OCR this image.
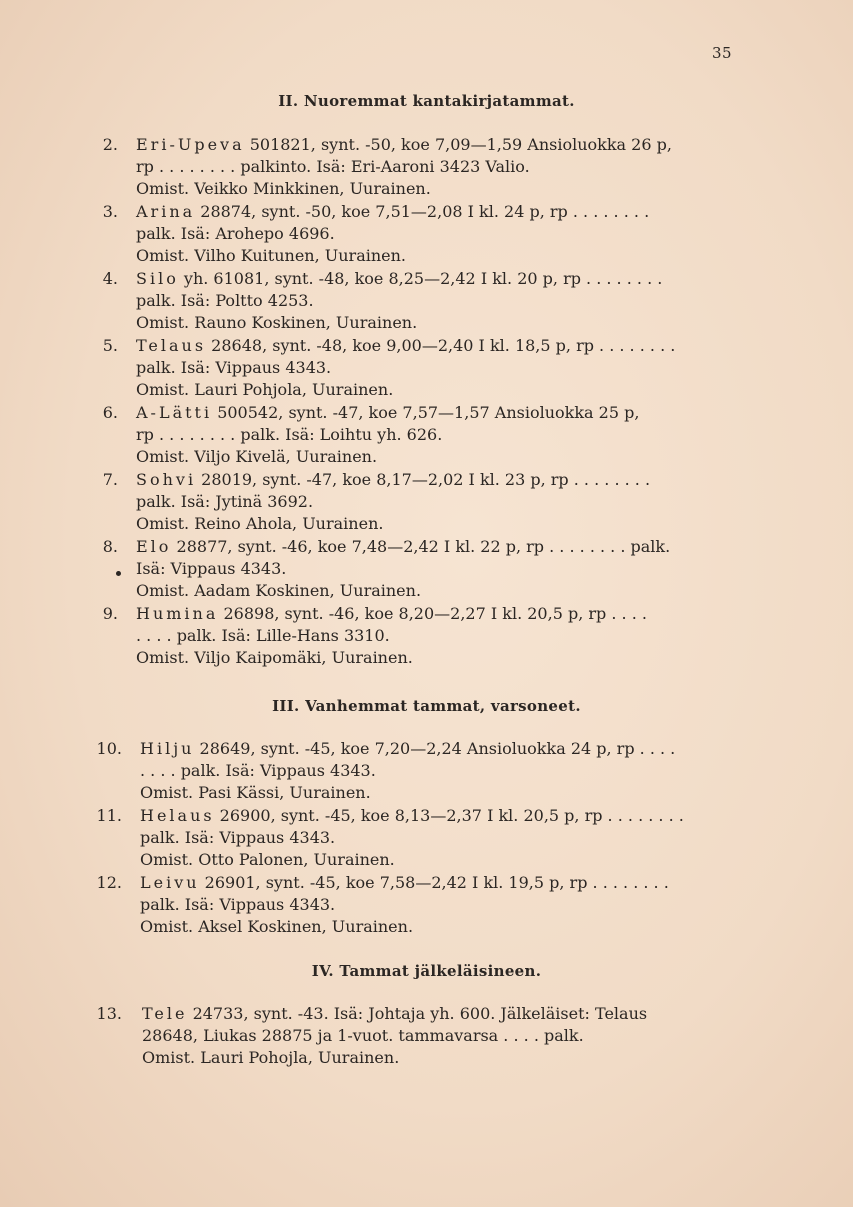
35
II. Nuoremmat kantakirjatammat.
2. Eri-Upeva 501821, synt. -50, koe 7,09—1,59 Ansioluokka 26 p,
rp . . . . . . . . palkinto. Isä: Eri-Aaroni 3423 Valio.
Omist. Veikko Minkkinen, Uurainen.
3. Arina 28874, synt. -50, koe 7,51—2,08 I kl. 24 p, rp . . . . . . . .
palk. Isä: Arohepo 4696.
Omist. Vilho Kuitunen, Uurainen.
4. Silo yh. 61081, synt. -48, koe 8,25—2,42 I kl. 20 p, rp . . . . . . . .
palk. Isä: Poltto 4253.
Omist. Rauno Koskinen, Uurainen.
5. Telaus 28648, synt. -48, koe 9,00—2,40 I kl. 18,5 p, rp . . . . . . . .
palk. Isä: Vippaus 4343.
Omist. Lauri Pohjola, Uurainen.
6. A-Lätti 500542, synt. -47, koe 7,57—1,57 Ansioluokka 25 p,
rp . . . . . . . . palk. Isä: Loihtu yh. 626.
Omist. Viljo Kivelä, Uurainen.
7. Sohvi 28019, synt. -47, koe 8,17—2,02 I kl. 23 p, rp . . . . . . . .
palk. Isä: Jytinä 3692.
Omist. Reino Ahola, Uurainen.
8. Elo 28877, synt. -46, koe 7,48—2,42 I kl. 22 p, rp . . . . . . . . palk.
Isä: Vippaus 4343.
Omist. Aadam Koskinen, Uurainen.
9. Humina 26898, synt. -46, koe 8,20—2,27 I kl. 20,5 p, rp . . . .
. . . . palk. Isä: Lille-Hans 3310.
Omist. Viljo Kaipomäki, Uurainen.
III. Vanhemmat tammat, varsoneet.
10. Hilju 28649, synt. -45, koe 7,20—2,24 Ansioluokka 24 p, rp . . . .
. . . . palk. Isä: Vippaus 4343.
Omist. Pasi Kässi, Uurainen.
11. Helaus 26900, synt. -45, koe 8,13—2,37 I kl. 20,5 p, rp . . . . . . . .
palk. Isä: Vippaus 4343.
Omist. Otto Palonen, Uurainen.
12. Leivu 26901, synt. -45, koe 7,58—2,42 I kl. 19,5 p, rp . . . . . . . .
palk. Isä: Vippaus 4343.
Omist. Aksel Koskinen, Uurainen.
IV. Tammat jälkeläisineen.
13. Tele 24733, synt. -43. Isä: Johtaja yh. 600. Jälkeläiset: Telaus
28648, Liukas 28875 ja 1-vuot. tammavarsa . . . . palk.
Omist. Lauri Pohojla, Uurainen.
